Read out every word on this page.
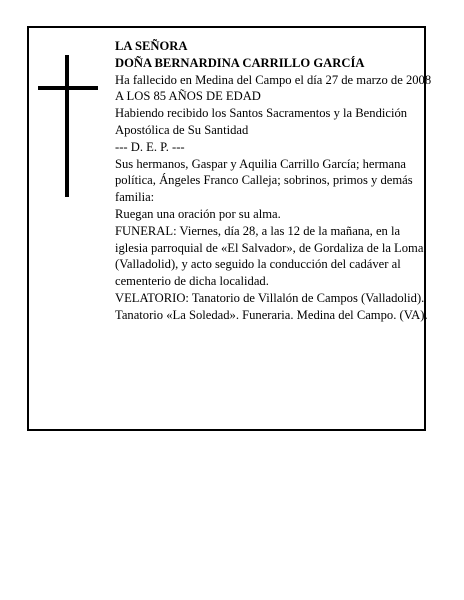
LA SEÑORA

DOÑA BERNARDINA CARRILLO GARCÍA

Ha fallecido en Medina del Campo el día 27 de marzo de 2008

A LOS 85 AÑOS DE EDAD

Habiendo recibido los Santos Sacramentos y la Bendición Apostólica de Su Santidad

--- D. E. P. ---

Sus hermanos, Gaspar y Aquilia Carrillo García; hermana política, Ángeles Franco Calleja; sobrinos, primos y demás familia:

Ruegan una oración por su alma.

FUNERAL: Viernes, día 28, a las 12 de la mañana, en la iglesia parroquial de «El Salvador», de Gordaliza de la Loma (Valladolid), y acto seguido la conducción del cadáver al cementerio de dicha localidad.

VELATORIO: Tanatorio de Villalón de Campos (Valladolid).

Tanatorio «La Soledad». Funeraria. Medina del Campo. (VA).
